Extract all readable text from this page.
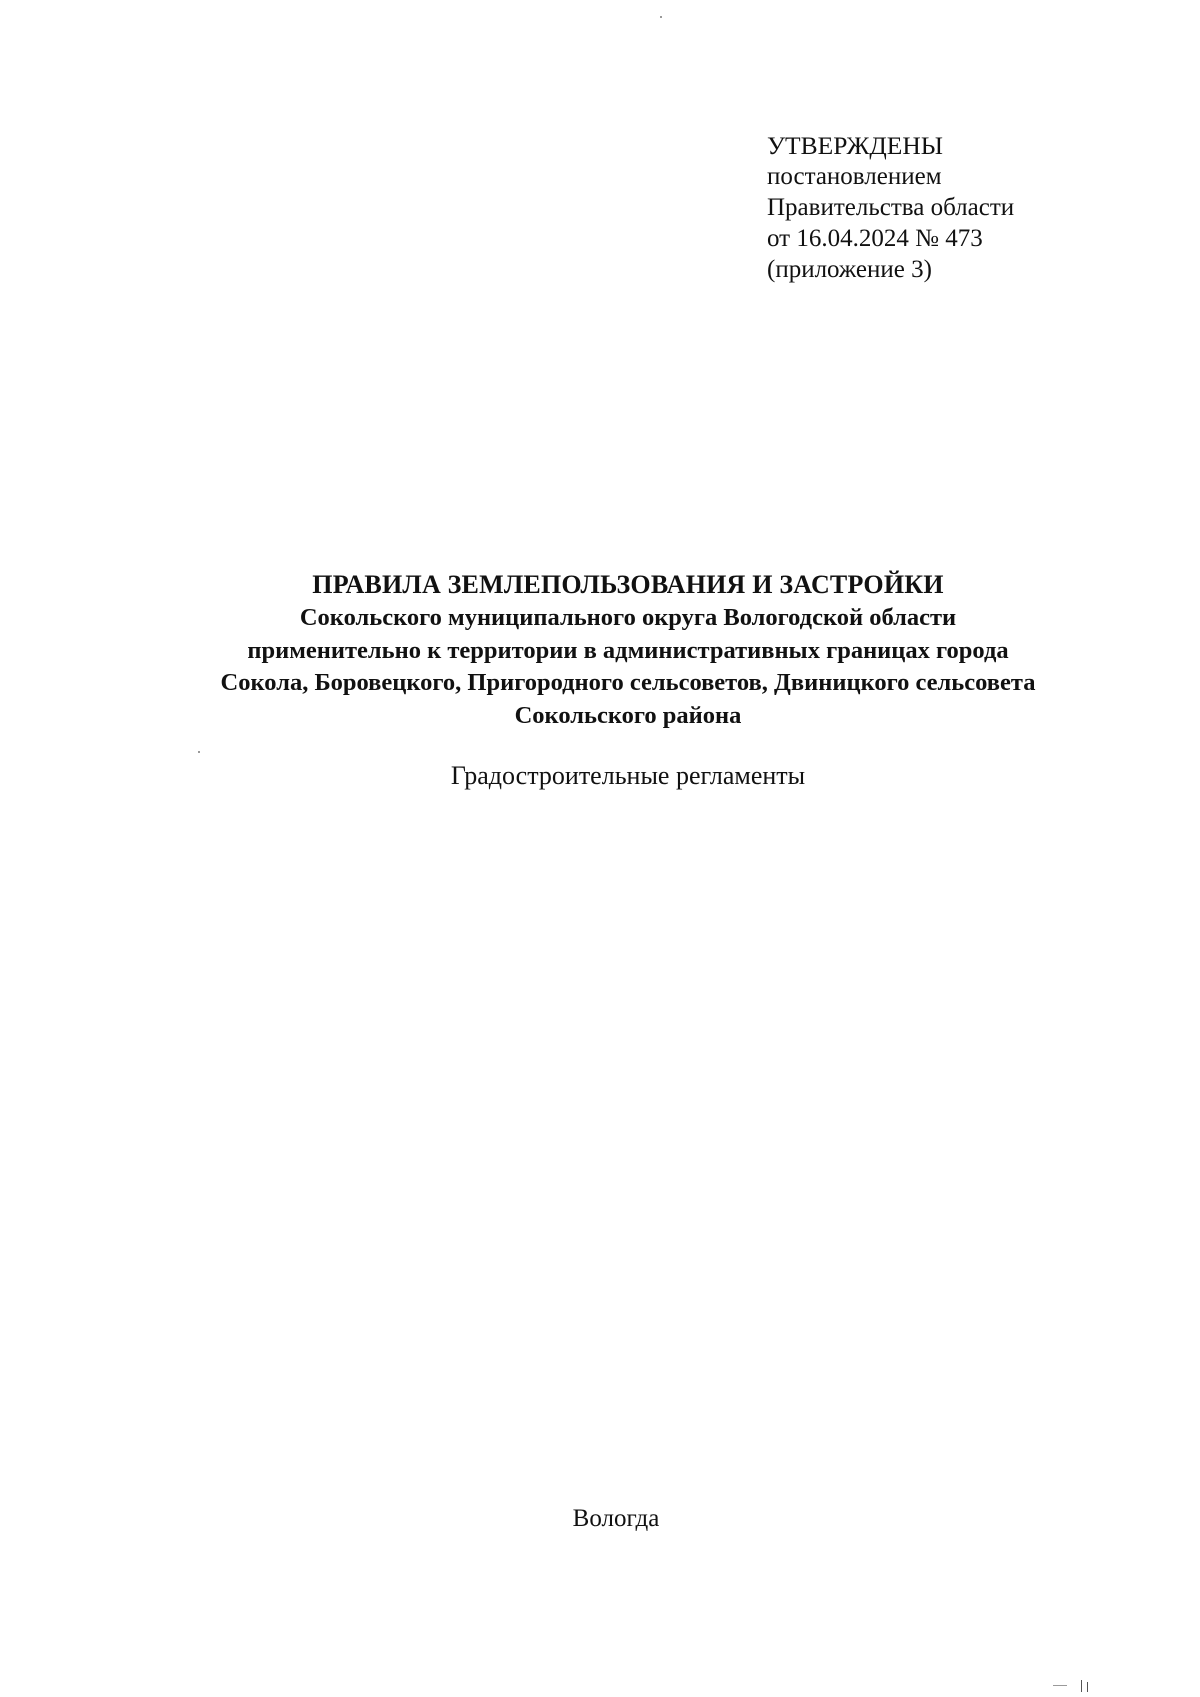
УТВЕРЖДЕНЫ
постановлением
Правительства области
от 16.04.2024 № 473
(приложение 3)
ПРАВИЛА ЗЕМЛЕПОЛЬЗОВАНИЯ И ЗАСТРОЙКИ
Сокольского муниципального округа Вологодской области
применительно к территории в административных границах города
Сокола, Боровецкого, Пригородного сельсоветов, Двиницкого сельсовета
Сокольского района
Градостроительные регламенты
Вологда
